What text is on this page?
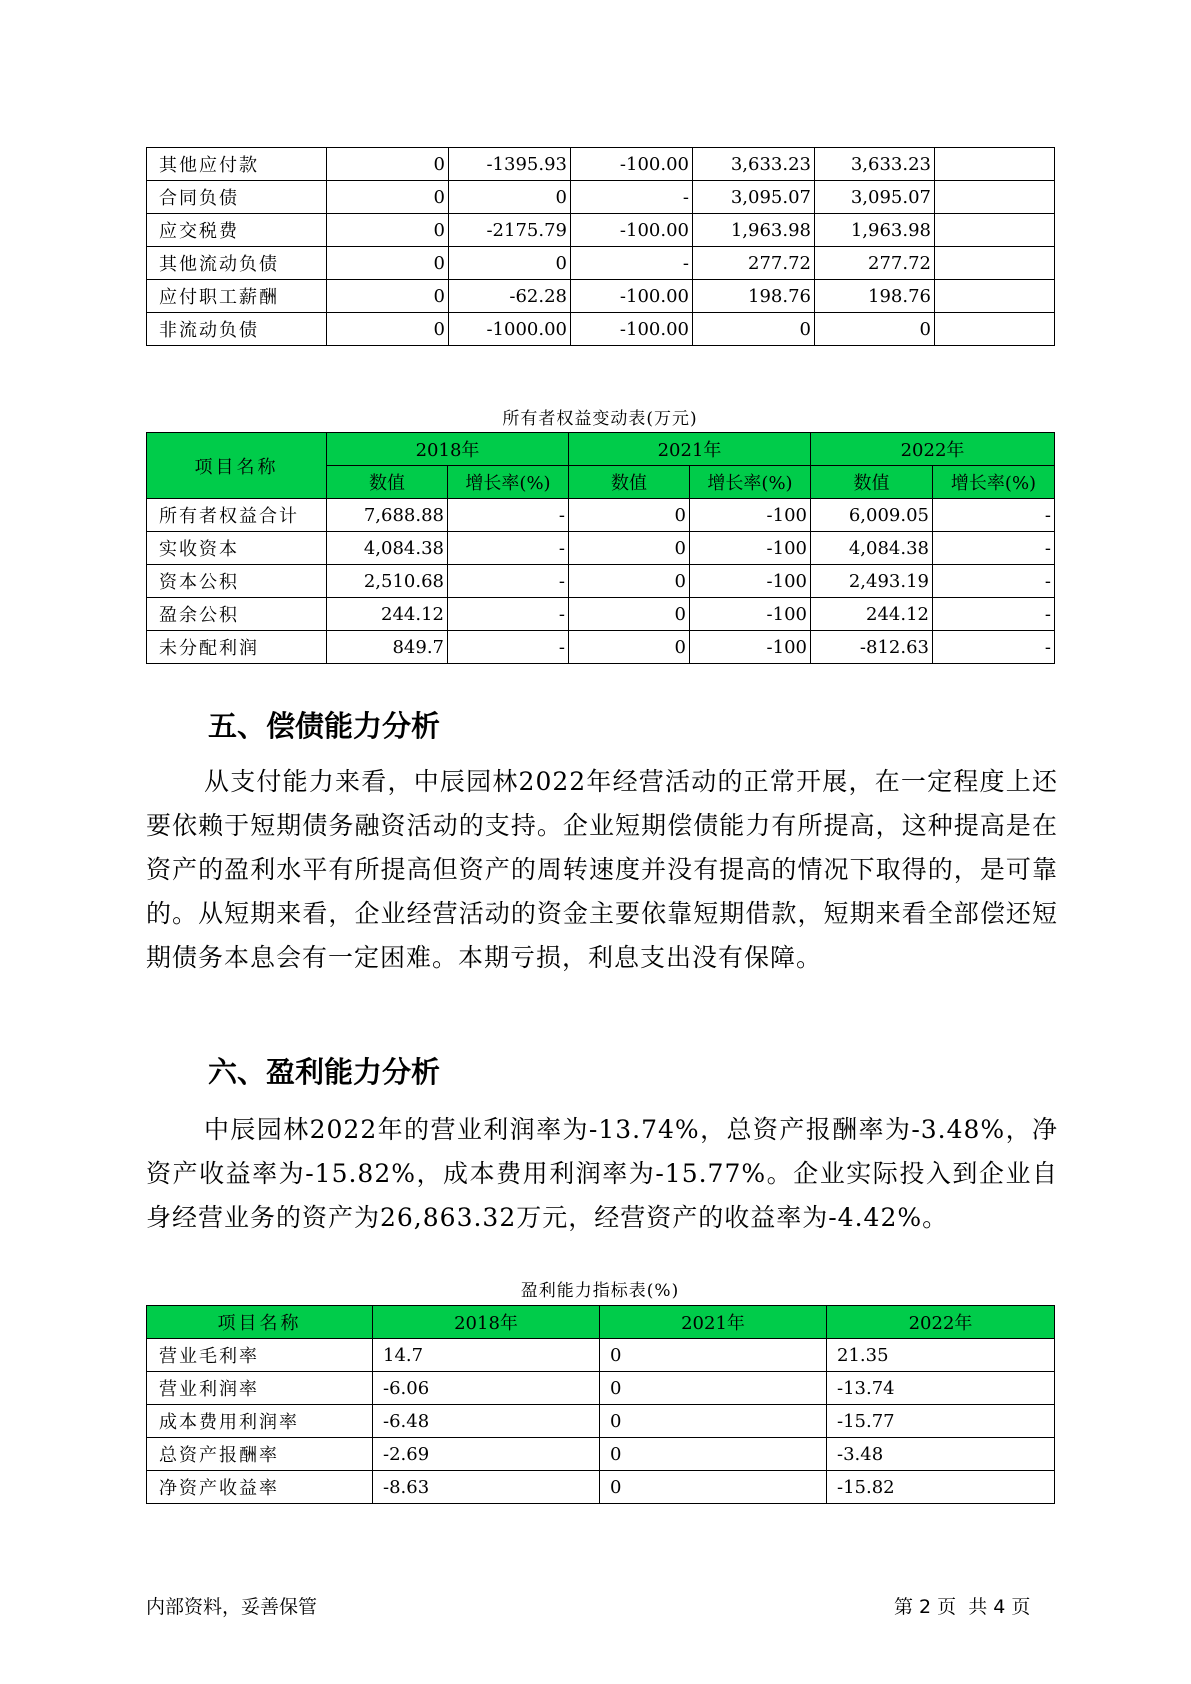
其他应付款	0	-1395.93	-100.00	3,633.23	3,633.23		
合同负债	0	0	-	3,095.07	3,095.07		
应交税费	0	-2175.79	-100.00	1,963.98	1,963.98		
其他流动负债	0	0	-	277.72	277.72		
应付职工薪酬	0	-62.28	-100.00	198.76	198.76		
非流动负债	0	-1000.00	-100.00	0	0		
所有者权益变动表(万元)
项目名称	2018年		2021年		2022年	
	数值	增长率(%)	数值	增长率(%)	数值	增长率(%)
所有者权益合计	7,688.88	-	0	-100	6,009.05	-
实收资本	4,084.38	-	0	-100	4,084.38	-
资本公积	2,510.68	-	0	-100	2,493.19	-
盈余公积	244.12	-	0	-100	244.12	-
未分配利润	849.7	-	0	-100	-812.63	-
五、偿债能力分析

从支付能力来看，中辰园林2022年经营活动的正常开展，在一定程度上还要依赖于短期债务融资活动的支持。企业短期偿债能力有所提高，这种提高是在资产的盈利水平有所提高但资产的周转速度并没有提高的情况下取得的，是可靠的。从短期来看，企业经营活动的资金主要依靠短期借款，短期来看全部偿还短期债务本息会有一定困难。本期亏损，利息支出没有保障。

六、盈利能力分析

中辰园林2022年的营业利润率为-13.74%，总资产报酬率为-3.48%，净资产收益率为-15.82%，成本费用利润率为-15.77%。企业实际投入到企业自身经营业务的资产为26,863.32万元，经营资产的收益率为-4.42%。

盈利能力指标表(%)
项目名称	2018年	2021年	2022年
营业毛利率	14.7	0	21.35
营业利润率	-6.06	0	-13.74
成本费用利润率	-6.48	0	-15.77
总资产报酬率	-2.69	0	-3.48
净资产收益率	-8.63	0	-15.82
内部资料，妥善保管	第 2 页  共 4 页
